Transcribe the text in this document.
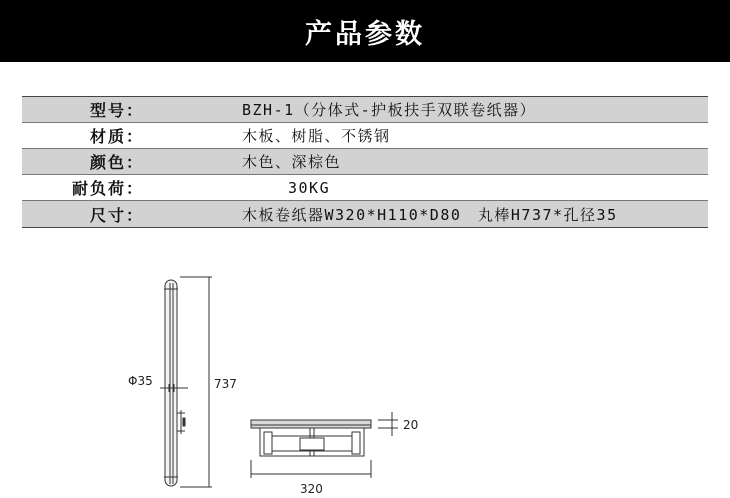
产品参数
型号：	BZH-1（分体式-护板扶手双联卷纸器）
材质：	木板、树脂、不锈钢
颜色：	木色、深棕色
耐负荷：	30KG
尺寸：	木板卷纸器W320*H110*D80　丸棒H737*孔径35
Φ35	737
20
320
